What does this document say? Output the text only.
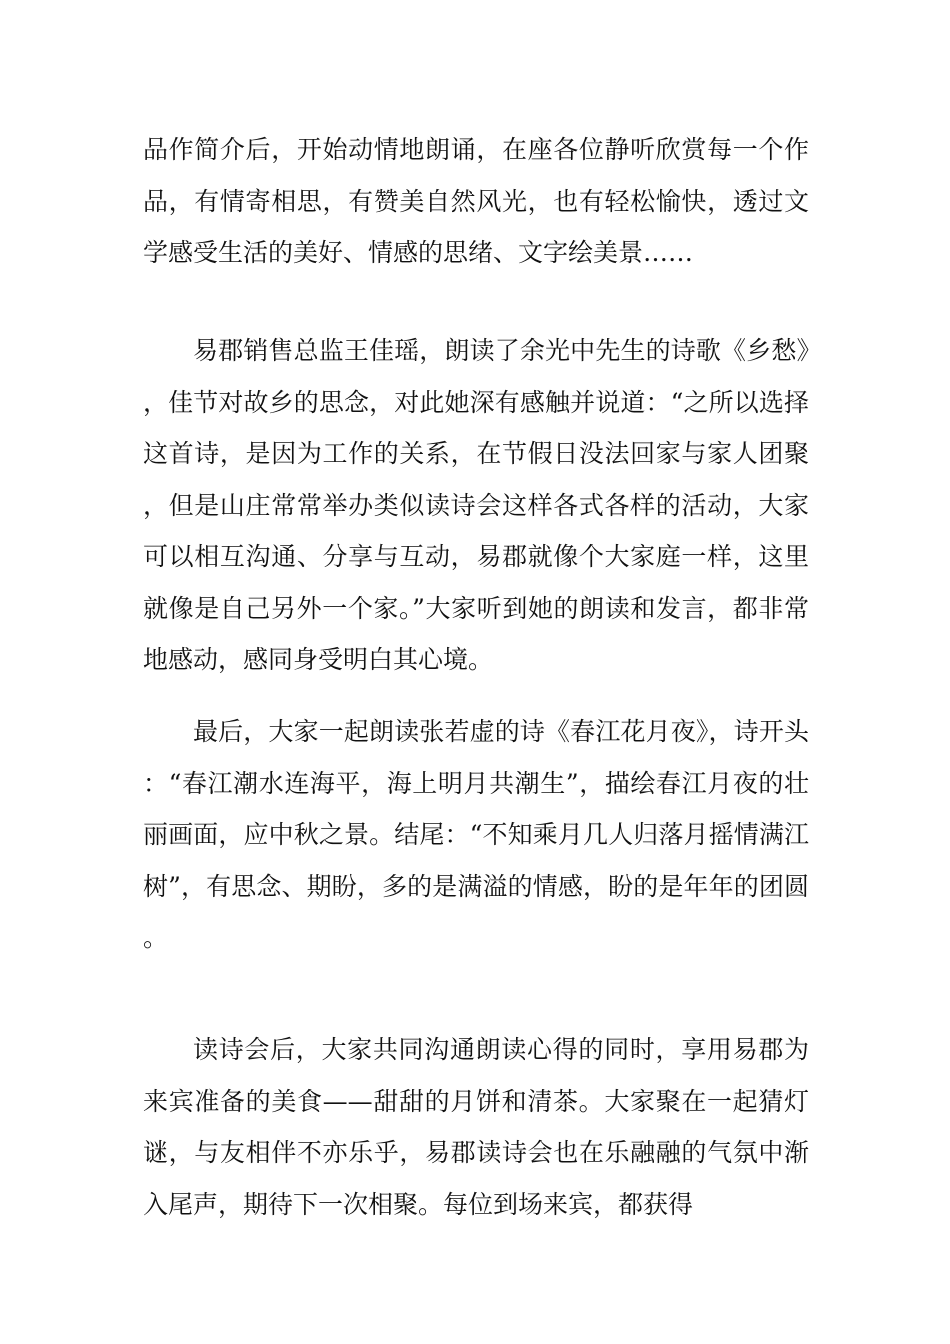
品作简介后，开始动情地朗诵，在座各位静听欣赏每一个作品，有情寄相思，有赞美自然风光，也有轻松愉快，透过文学感受生活的美好、情感的思绪、文字绘美景……

易郡销售总监王佳瑶，朗读了余光中先生的诗歌《乡愁》，佳节对故乡的思念，对此她深有感触并说道：“之所以选择这首诗，是因为工作的关系，在节假日没法回家与家人团聚，但是山庄常常举办类似读诗会这样各式各样的活动，大家可以相互沟通、分享与互动，易郡就像个大家庭一样，这里就像是自己另外一个家。”大家听到她的朗读和发言，都非常地感动，感同身受明白其心境。

最后，大家一起朗读张若虚的诗《春江花月夜》，诗开头：“春江潮水连海平，海上明月共潮生”，描绘春江月夜的壮丽画面，应中秋之景。结尾：“不知乘月几人归落月摇情满江树”，有思念、期盼，多的是满溢的情感，盼的是年年的团圆。

读诗会后，大家共同沟通朗读心得的同时，享用易郡为来宾准备的美食——甜甜的月饼和清茶。大家聚在一起猜灯谜，与友相伴不亦乐乎，易郡读诗会也在乐融融的气氛中渐入尾声，期待下一次相聚。每位到场来宾，都获得
